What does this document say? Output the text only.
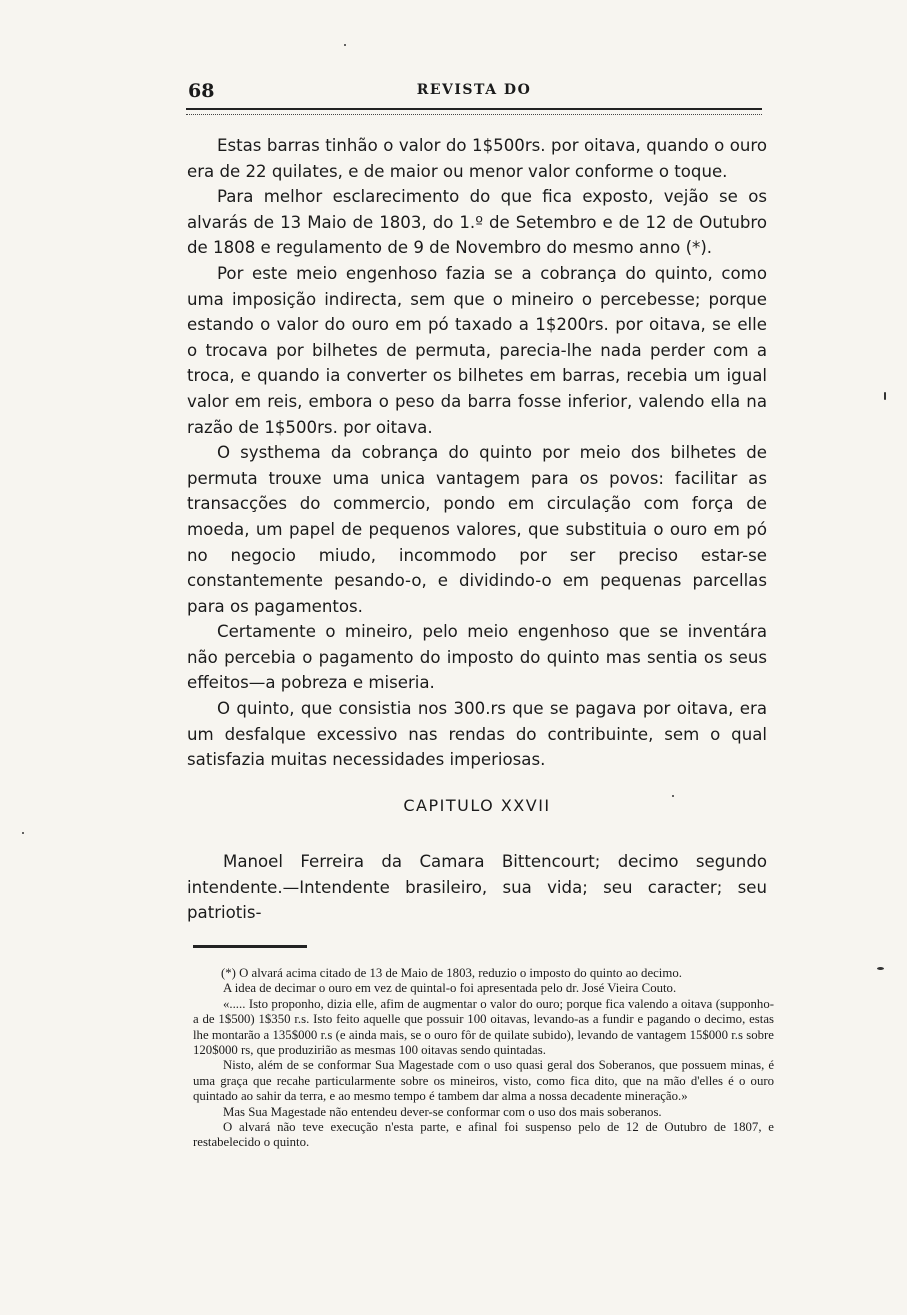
68	REVISTA DO

Estas barras tinhão o valor do 1$500rs. por oitava, quando o ouro era de 22 quilates, e de maior ou menor valor conforme o toque.

Para melhor esclarecimento do que fica exposto, vejão se os alvarás de 13 Maio de 1803, do 1.º de Setembro e de 12 de Outubro de 1808 e regulamento de 9 de Novembro do mesmo anno (*).

Por este meio engenhoso fazia se a cobrança do quinto, como uma imposição indirecta, sem que o mineiro o percebesse; porque estando o valor do ouro em pó taxado a 1$200rs. por oitava, se elle o trocava por bilhetes de permuta, parecia-lhe nada perder com a troca, e quando ia converter os bilhetes em barras, recebia um igual valor em reis, embora o peso da barra fosse inferior, valendo ella na razão de 1$500rs. por oitava.

O systhema da cobrança do quinto por meio dos bilhetes de permuta trouxe uma unica vantagem para os povos: facilitar as transacções do commercio, pondo em circulação com força de moeda, um papel de pequenos valores, que substituia o ouro em pó no negocio miudo, incommodo por ser preciso estar-se constantemente pesando-o, e dividindo-o em pequenas parcellas para os pagamentos.

Certamente o mineiro, pelo meio engenhoso que se inventára não percebia o pagamento do imposto do quinto mas sentia os seus effeitos—a pobreza e miseria.

O quinto, que consistia nos 300.rs que se pagava por oitava, era um desfalque excessivo nas rendas do contribuinte, sem o qual satisfazia muitas necessidades imperiosas.

CAPITULO XXVII

Manoel Ferreira da Camara Bittencourt; decimo segundo intendente.—Intendente brasileiro, sua vida; seu caracter; seu patriotis-

(*) O alvará acima citado de 13 de Maio de 1803, reduzio o imposto do quinto ao decimo.

A idea de decimar o ouro em vez de quintal-o foi apresentada pelo dr. José Vieira Couto.

«..... Isto proponho, dizia elle, afim de augmentar o valor do ouro; porque fica valendo a oitava (supponho-a de 1$500) 1$350 r.s. Isto feito aquelle que possuir 100 oitavas, levando-as a fundir e pagando o decimo, estas lhe montarão a 135$000 r.s (e ainda mais, se o ouro fôr de quilate subido), levando de vantagem 15$000 r.s sobre 120$000 rs, que produzirião as mesmas 100 oitavas sendo quintadas.

Nisto, além de se conformar Sua Magestade com o uso quasi geral dos Soberanos, que possuem minas, é uma graça que recahe particularmente sobre os mineiros, visto, como fica dito, que na mão d'elles é o ouro quintado ao sahir da terra, e ao mesmo tempo é tambem dar alma a nossa decadente mineração.»

Mas Sua Magestade não entendeu dever-se conformar com o uso dos mais soberanos.

O alvará não teve execução n'esta parte, e afinal foi suspenso pelo de 12 de Outubro de 1807, e restabelecido o quinto.
